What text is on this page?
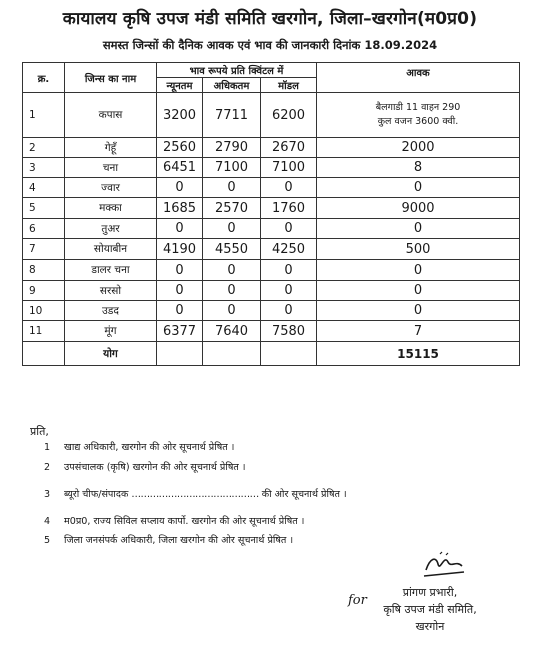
कायालय कृषि उपज मंडी समिति खरगोन, जिला–खरगोन(म0प्र0)
समस्त जिन्सों की दैनिक आवक एवं भाव की जानकारी दिनांक 18.09.2024
क्र.	जिन्स का नाम	भाव रूपये प्रति क्विंटल में			आवक
		न्यूनतम	अधिकतम	मॉडल	
1	कपास	3200	7711	6200	बैलगाडी 11 वाहन 290
कुल वजन 3600 क्वी.

2	गेहूँ	2560	2790	2670	2000
3	चना	6451	7100	7100	8
4	ज्वार	0	0	0	0
5	मक्का	1685	2570	1760	9000
6	तुअर	0	0	0	0
7	सोयाबीन	4190	4550	4250	500
8	डालर चना	0	0	0	0
9	सरसो	0	0	0	0
10	उडद	0	0	0	0
11	मूंग	6377	7640	7580	7
	योग				15115
प्रति,
1 खाद्य अधिकारी, खरगोन की ओर सूचनार्थ प्रेषित ।
2 उपसंचालक (कृषि) खरगोन की ओर सूचनार्थ प्रेषित ।
3 ब्यूरो चीफ/संपादक …………………………………… की ओर सूचनार्थ प्रेषित ।
4 म0प्र0, राज्य सिविल सप्लाय कार्पो. खरगोन की ओर सूचनार्थ प्रेषित ।
5 जिला जनसंपर्क अधिकारी, जिला खरगोन की ओर सूचनार्थ प्रेषित ।
for
प्रांगण प्रभारी,
कृषि उपज मंडी समिति,
खरगोन
